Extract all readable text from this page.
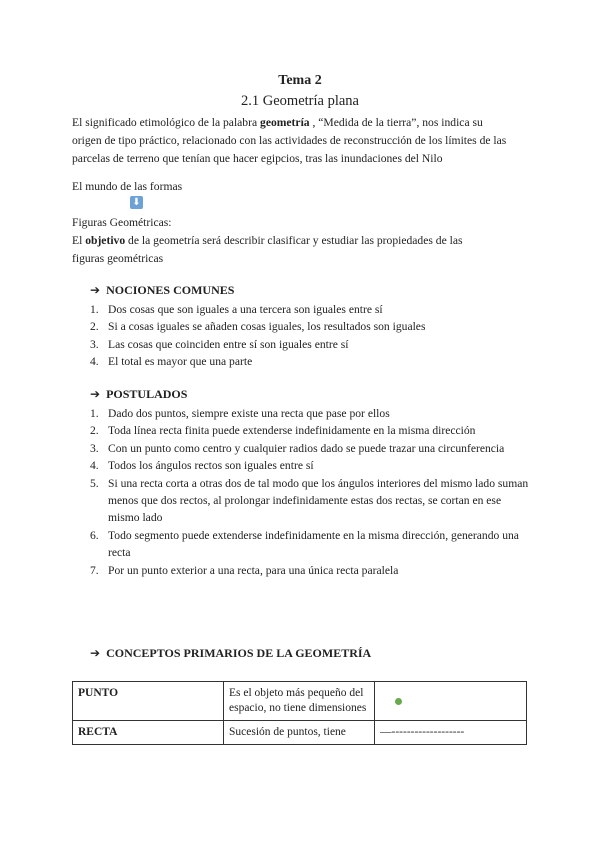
Tema 2
2.1 Geometría plana
El significado etimológico de la palabra geometría , “Medida de la tierra”, nos indica su
origen de tipo práctico, relacionado con las actividades de reconstrucción de los límites de las
parcelas de terreno que tenían que hacer egipcios, tras las inundaciones del Nilo
El mundo de las formas
⬇
Figuras Geométricas:
El objetivo de la geometría será describir clasificar y estudiar las propiedades de las
figuras geométricas
➔ NOCIONES COMUNES
1. Dos cosas que son iguales a una tercera son iguales entre sí
2. Si a cosas iguales se añaden cosas iguales, los resultados son iguales
3. Las cosas que coinciden entre sí son iguales entre sí
4. El total es mayor que una parte
➔ POSTULADOS
1. Dado dos puntos, siempre existe una recta que pase por ellos
2. Toda línea recta finita puede extenderse indefinidamente en la misma dirección
3. Con un punto como centro y cualquier radios dado se puede trazar una circunferencia
4. Todos los ángulos rectos son iguales entre sí
5. Si una recta corta a otras dos de tal modo que los ángulos interiores del mismo lado suman menos que dos rectos, al prolongar indefinidamente estas dos rectas, se cortan en ese mismo lado
6. Todo segmento puede extenderse indefinidamente en la misma dirección, generando una recta
7. Por un punto exterior a una recta, para una única recta paralela
➔ CONCEPTOS PRIMARIOS DE LA GEOMETRÍA
PUNTO	Es el objeto más pequeño del espacio, no tiene dimensiones	
RECTA	Sucesión de puntos, tiene	—-------------------
